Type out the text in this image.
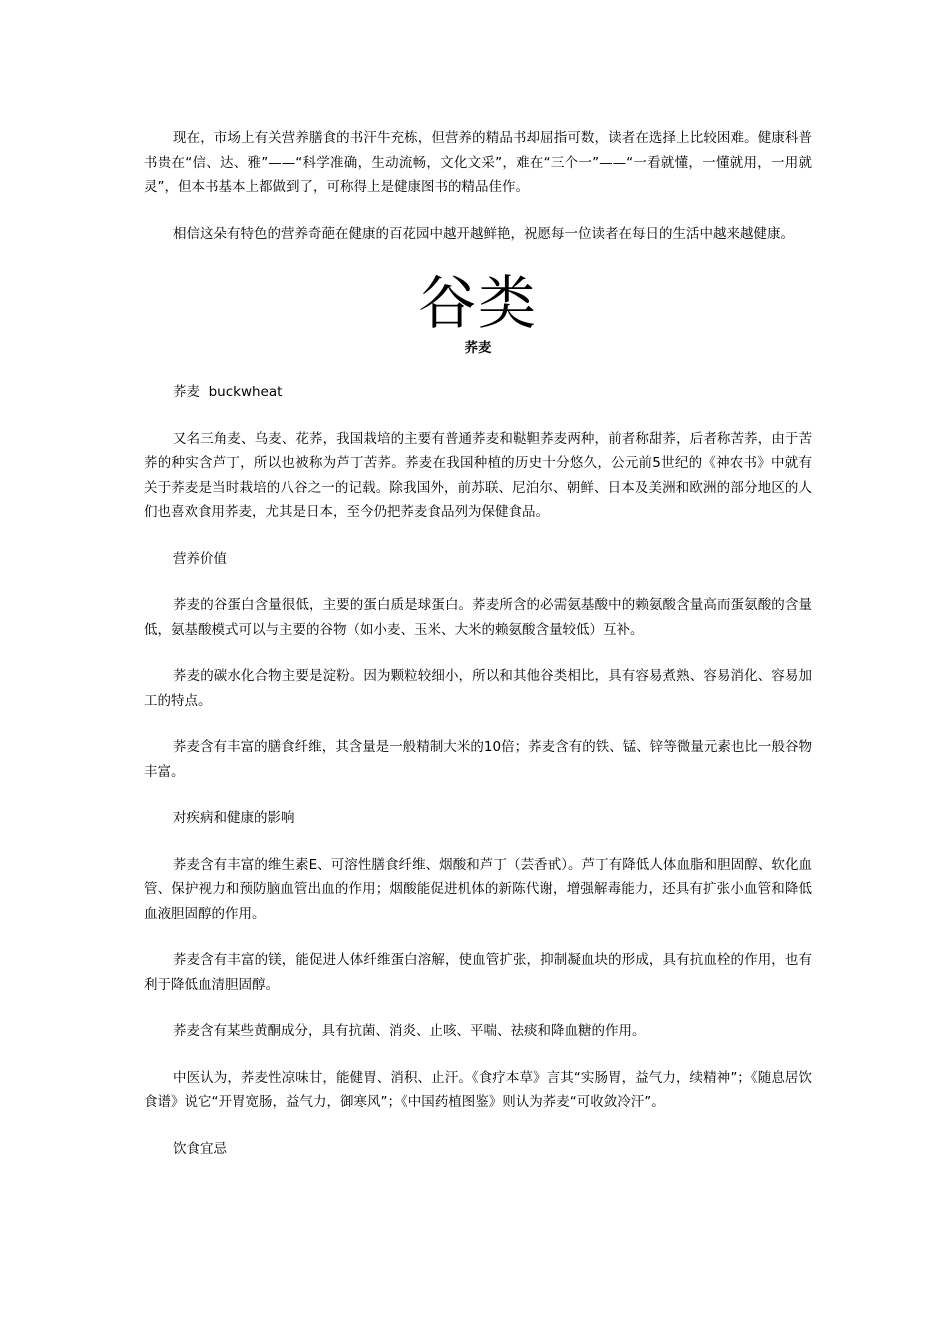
现在，市场上有关营养膳食的书汗牛充栋，但营养的精品书却屈指可数，读者在选择上比较困难。健康科普书贵在“信、达、雅”——“科学准确，生动流畅，文化文采”，难在“三个一”——“一看就懂，一懂就用，一用就灵”，但本书基本上都做到了，可称得上是健康图书的精品佳作。

相信这朵有特色的营养奇葩在健康的百花园中越开越鲜艳，祝愿每一位读者在每日的生活中越来越健康。

谷类
荞麦

荞麦  buckwheat

又名三角麦、乌麦、花荞，我国栽培的主要有普通荞麦和鞑靼荞麦两种，前者称甜荞，后者称苦荞，由于苦荞的种实含芦丁，所以也被称为芦丁苦荞。荞麦在我国种植的历史十分悠久，公元前5世纪的《神农书》中就有关于荞麦是当时栽培的八谷之一的记载。除我国外，前苏联、尼泊尔、朝鲜、日本及美洲和欧洲的部分地区的人们也喜欢食用荞麦，尤其是日本，至今仍把荞麦食品列为保健食品。

营养价值

荞麦的谷蛋白含量很低，主要的蛋白质是球蛋白。荞麦所含的必需氨基酸中的赖氨酸含量高而蛋氨酸的含量低，氨基酸模式可以与主要的谷物（如小麦、玉米、大米的赖氨酸含量较低）互补。

荞麦的碳水化合物主要是淀粉。因为颗粒较细小，所以和其他谷类相比，具有容易煮熟、容易消化、容易加工的特点。

荞麦含有丰富的膳食纤维，其含量是一般精制大米的10倍；荞麦含有的铁、锰、锌等微量元素也比一般谷物丰富。

对疾病和健康的影响

荞麦含有丰富的维生素E、可溶性膳食纤维、烟酸和芦丁（芸香甙）。芦丁有降低人体血脂和胆固醇、软化血管、保护视力和预防脑血管出血的作用；烟酸能促进机体的新陈代谢，增强解毒能力，还具有扩张小血管和降低血液胆固醇的作用。

荞麦含有丰富的镁，能促进人体纤维蛋白溶解，使血管扩张，抑制凝血块的形成，具有抗血栓的作用，也有利于降低血清胆固醇。

荞麦含有某些黄酮成分，具有抗菌、消炎、止咳、平喘、祛痰和降血糖的作用。

中医认为，荞麦性凉味甘，能健胃、消积、止汗。《食疗本草》言其“实肠胃，益气力，续精神”；《随息居饮食谱》说它“开胃宽肠，益气力，御寒风”；《中国药植图鉴》则认为荞麦“可收敛冷汗”。

饮食宜忌
